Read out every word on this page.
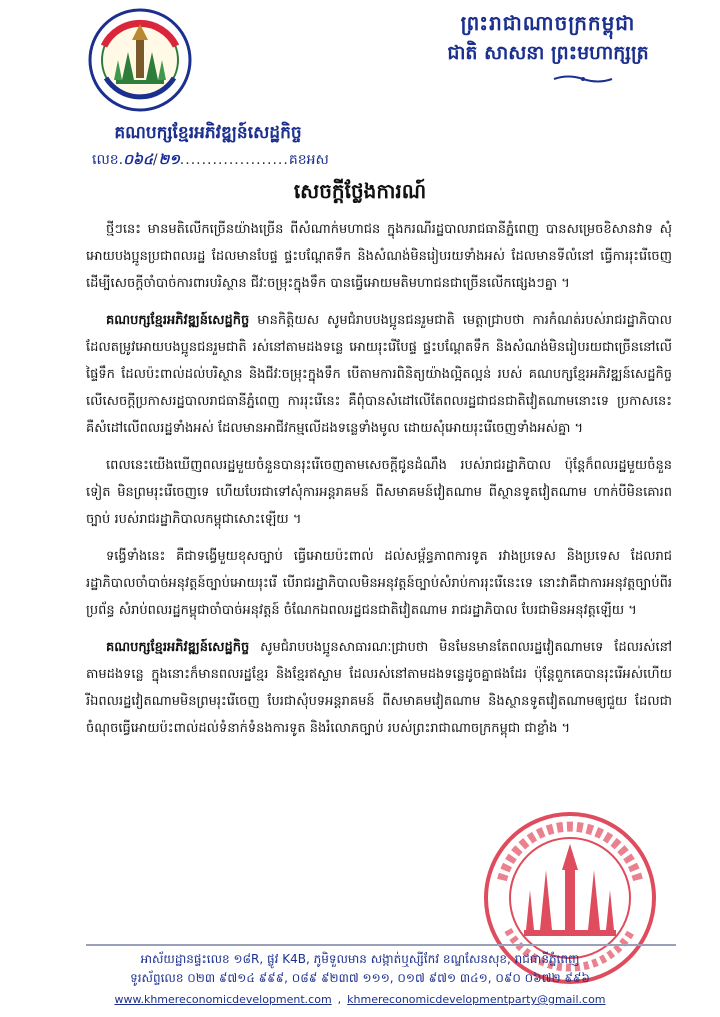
ព្រះរាជាណាចក្រកម្ពុជា
ជាតិ សាសនា ព្រះមហាក្សត្រ
គណបក្សខ្មែរអភិវឌ្ឍន៍សេដ្ឋកិច្ច
លេខ.០៦៤/២១....................គខអស
សេចក្តីថ្លែងការណ៍

ថ្មីៗនេះ មានមតិលើកច្រើនយ៉ាងច្រើន ពីសំណាក់មហាជន ក្នុងករណីរដ្ឋបាលរាជធានីភ្នំពេញ បានសម្រេចខិសានវាទ សុំអោយបងប្អូនប្រជាពលរដ្ឋ ដែលមានបែផ្ទ ផ្ទះបណ្តែតទឹក និងសំណង់មិនរៀបរយទាំងអស់ ដែលមានទីលំនៅ ធ្វើការរុះរើចេញ ដើម្បីសេចក្តីចាំបាច់ការពារបរិស្ថាន ជីវៈចម្រុះក្នុងទឹក បានធ្វើអោយមតិមហាជនជាច្រើនលើកផ្សេងៗគ្នា ។

គណបក្សខ្មែរអភិវឌ្ឍន៍សេដ្ឋកិច្ច មានកិត្តិយស សូមជំរាបបងប្អូនជនរួមជាតិ មេត្តាជ្រាបថា ការកំណត់របស់រាជរដ្ឋាភិបាល ដែលតម្រូវអោយបងប្អូនជនរួមជាតិ រស់នៅតាមដងទន្លេ អោយរុះរើបែផ្ទ ផ្ទះបណ្តែតទឹក និងសំណង់មិនរៀបរយជាច្រើននៅលើផ្ទៃទឹក ដែលប៉ះពាល់ដល់បរិស្ថាន និងជីវៈចម្រុះក្នុងទឹក បើតាមការពិនិត្យយ៉ាងល្អិតល្អន់ របស់ គណបក្សខ្មែរអភិវឌ្ឍន៍សេដ្ឋកិច្ច លើសេចក្តីប្រកាសរដ្ឋបាលរាជធានីភ្នំពេញ ការរុះរើនេះ គឺពុំបានសំដៅលើតែពលរដ្ឋជាជនជាតិវៀតណាមនោះទេ ប្រកាសនេះ គឺសំដៅលើពលរដ្ឋទាំងអស់ ដែលមានអាជីវកម្មលើដងទន្លេទាំងមូល ដោយសុំអោយរុះរើចេញទាំងអស់គ្នា ។

ពេលនេះយើងឃើញពលរដ្ឋមួយចំនួនបានរុះរើចេញតាមសេចក្តីជូនដំណឹង របស់រាជរដ្ឋាភិបាល ប៉ុន្តែក៏ពលរដ្ឋមួយចំនួនទៀត មិនព្រមរុះរើចេញទេ ហើយបែរជាទៅសុំការអន្តរាគមន៍ ពីសមាគមន៍វៀតណាម ពីស្ថានទូតវៀតណាម ហាក់បីមិនគោរពច្បាប់ របស់រាជរដ្ឋាភិបាលកម្ពុជាសោះឡើយ ។

ទង្វើទាំងនេះ គឺជាទង្វើមួយខុសច្បាប់ ធ្វើអោយប៉ះពាល់ ដល់សម្ព័ន្ធភាពការទូត រវាងប្រទេស និងប្រទេស ដែលរាជរដ្ឋាភិបាលចាំបាច់អនុវត្តន៍ច្បាប់អោយរុះរើ បើរាជរដ្ឋាភិបាលមិនអនុវត្តន៍ច្បាប់សំរាប់ការរុះរើនេះទេ នោះវាគឺជាការអនុវត្តច្បាប់ពីរប្រព័ន្ធ សំរាប់ពលរដ្ឋកម្ពុជាចាំបាច់អនុវត្តន៍ ចំណែកឯពលរដ្ឋជនជាតិវៀតណាម រាជរដ្ឋាភិបាល បែរជាមិនអនុវត្តឡើយ ។

គណបក្សខ្មែរអភិវឌ្ឍន៍សេដ្ឋកិច្ច សូមជំរាបបងប្អូនសាធារណៈជ្រាបថា មិនមែនមានតែពលរដ្ឋវៀតណាមទេ ដែលរស់នៅតាមដងទន្លេ ក្នុងនោះក៏មានពលរដ្ឋខ្មែរ និងខ្មែរឥស្លាម ដែលរស់នៅតាមដងទន្លេដូចគ្នាផងដែរ ប៉ុន្តែពួកគេបានរុះរើអស់ហើយ រីឯពលរដ្ឋវៀតណាមមិនព្រមរុះរើចេញ បែរជាសុំបទអន្តរាគមន៍ ពីសមាគមវៀតណាម និងស្ថានទូតវៀតណាមឲ្យជួយ ដែលជាចំណុចធ្វើអោយប៉ះពាល់ដល់ទំនាក់ទំនងការទូត និងរំលោភច្បាប់ របស់ព្រះរាជាណាចក្រកម្ពុជា ជាខ្លាំង ។

អាស័យដ្ឋានផ្ទះលេខ ១៨R, ផ្លូវ K4B, ភូមិទួលមាន សង្កាត់ឬស្សីកែវ ខណ្ឌសែនសុខ, រាជធានីភ្នំពេញ
ទូរស័ព្ទលេខ ០២៣ ៩៧១៤ ៩៩៩, ០៨៩ ៩២៣៧ ១១១, ០១៧ ៩៧១ ៣៤១, ០៩០ ០៦៧២ ៩៩៦
www.khmereconomicdevelopment.com , khmereconomicdevelopmentparty@gmail.com
